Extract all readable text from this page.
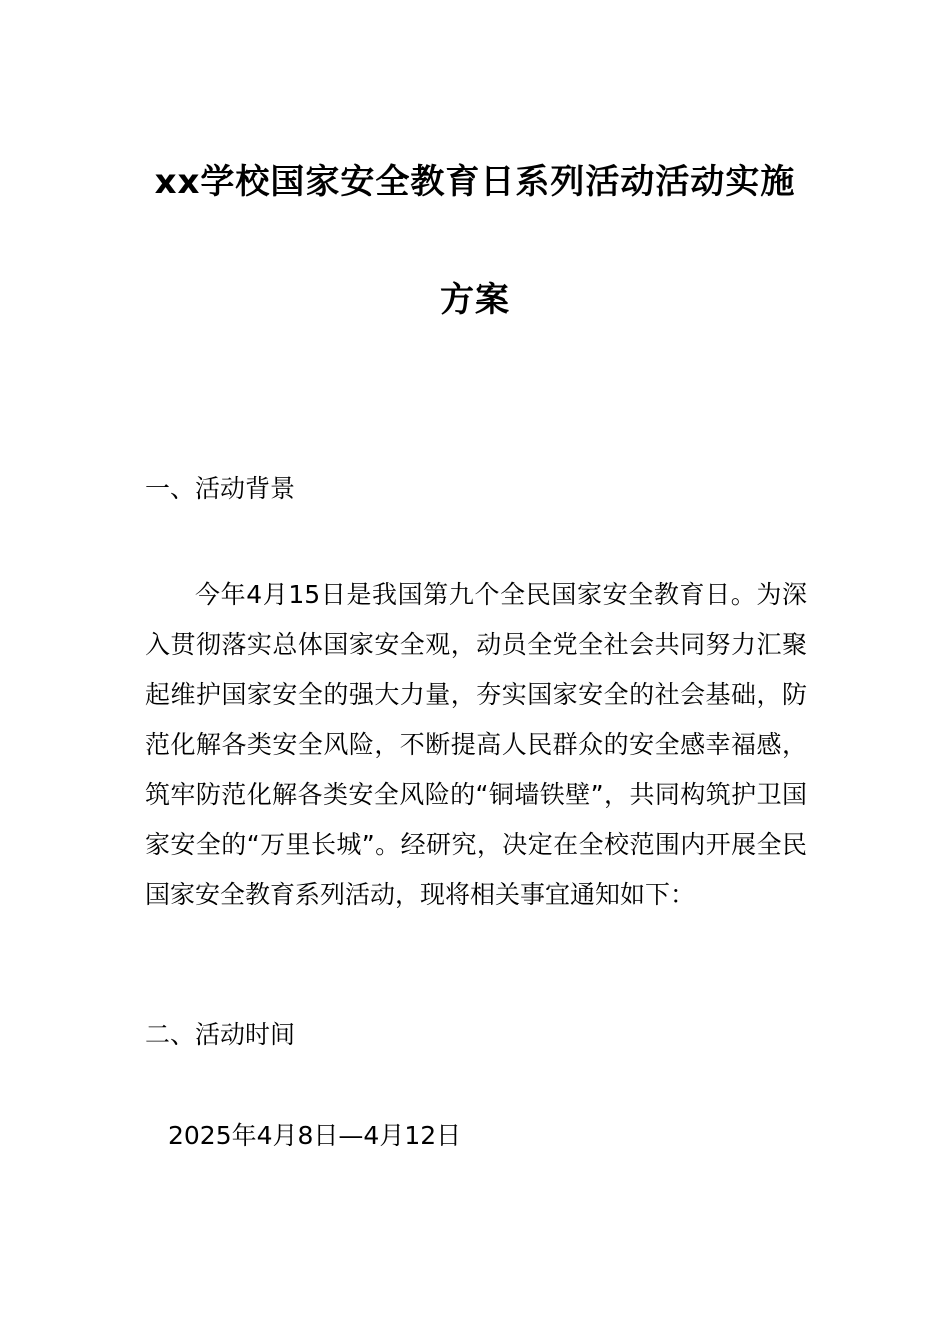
xx学校国家安全教育日系列活动活动实施
方案
一、活动背景
今年4月15日是我国第九个全民国家安全教育日。为深入贯彻落实总体国家安全观，动员全党全社会共同努力汇聚起维护国家安全的强大力量，夯实国家安全的社会基础，防范化解各类安全风险，不断提高人民群众的安全感幸福感，筑牢防范化解各类安全风险的“铜墙铁壁”，共同构筑护卫国家安全的“万里长城”。经研究，决定在全校范围内开展全民国家安全教育系列活动，现将相关事宜通知如下：
二、活动时间
2025年4月8日—4月12日
